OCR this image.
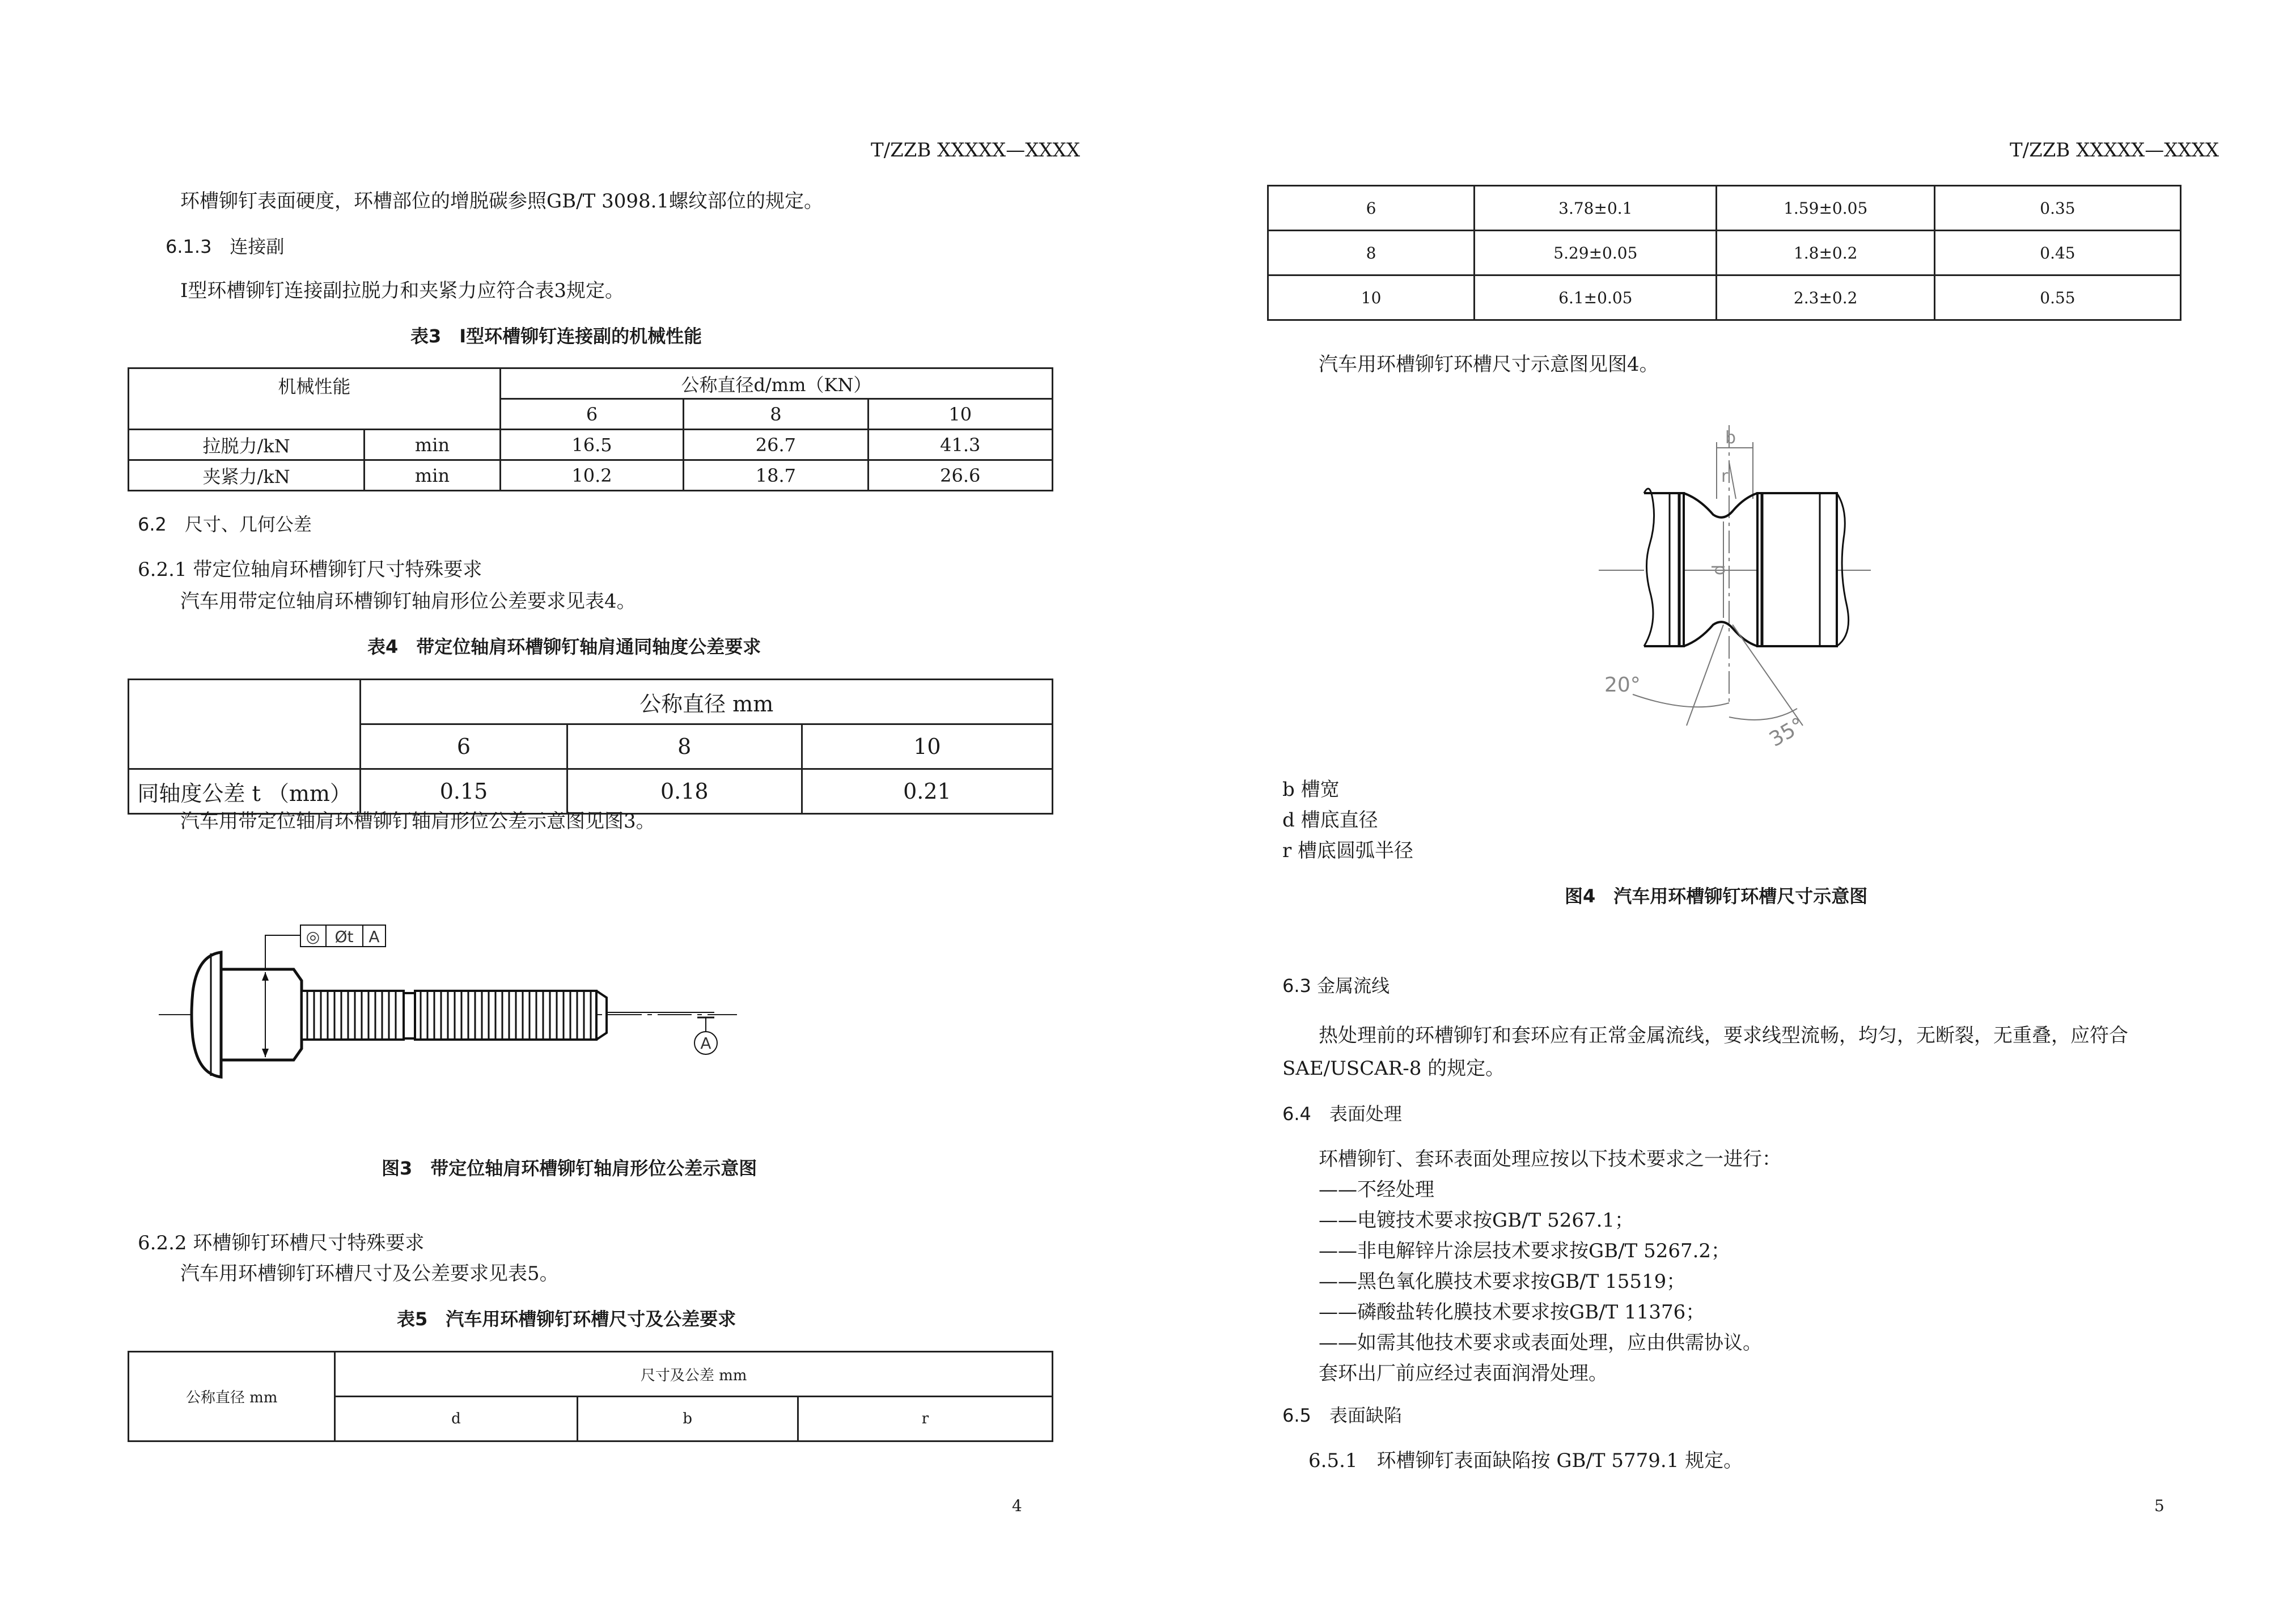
T/ZZB XXXXX—XXXX
环槽铆钉表面硬度，环槽部位的增脱碳参照GB/T 3098.1螺纹部位的规定。
6.1.3　连接副
Ⅰ型环槽铆钉连接副拉脱力和夹紧力应符合表3规定。
表3　Ⅰ型环槽铆钉连接副的机械性能
机械性能		公称直径d/mm（KN）		
		6	8	10
拉脱力/kN	min	16.5	26.7	41.3
夹紧力/kN	min	10.2	18.7	26.6
6.2　尺寸、几何公差
6.2.1 带定位轴肩环槽铆钉尺寸特殊要求
汽车用带定位轴肩环槽铆钉轴肩形位公差要求见表4。
表4　带定位轴肩环槽铆钉轴肩通同轴度公差要求
	公称直径 mm		
	6	8	10
同轴度公差 t （mm）	0.15	0.18	0.21
汽车用带定位轴肩环槽铆钉轴肩形位公差示意图见图3。
◎ Øt A
A
图3　带定位轴肩环槽铆钉轴肩形位公差示意图
6.2.2 环槽铆钉环槽尺寸特殊要求
汽车用环槽铆钉环槽尺寸及公差要求见表5。
表5　汽车用环槽铆钉环槽尺寸及公差要求
公称直径 mm	尺寸及公差 mm		
	d	b	r
4
T/ZZB XXXXX—XXXX
6	3.78±0.1	1.59±0.05	0.35
8	5.29±0.05	1.8±0.2	0.45
10	6.1±0.05	2.3±0.2	0.55
汽车用环槽铆钉环槽尺寸示意图见图4。
b
r
d
20°
35°
b 槽宽
d 槽底直径
r 槽底圆弧半径
图4　汽车用环槽铆钉环槽尺寸示意图
6.3 金属流线
热处理前的环槽铆钉和套环应有正常金属流线，要求线型流畅，均匀，无断裂，无重叠，应符合
SAE/USCAR-8 的规定。
6.4　表面处理
环槽铆钉、套环表面处理应按以下技术要求之一进行：
——不经处理
——电镀技术要求按GB/T 5267.1；
——非电解锌片涂层技术要求按GB/T 5267.2；
——黑色氧化膜技术要求按GB/T 15519；
——磷酸盐转化膜技术要求按GB/T 11376；
——如需其他技术要求或表面处理，应由供需协议。
套环出厂前应经过表面润滑处理。
6.5　表面缺陷
6.5.1　环槽铆钉表面缺陷按 GB/T 5779.1 规定。
5
